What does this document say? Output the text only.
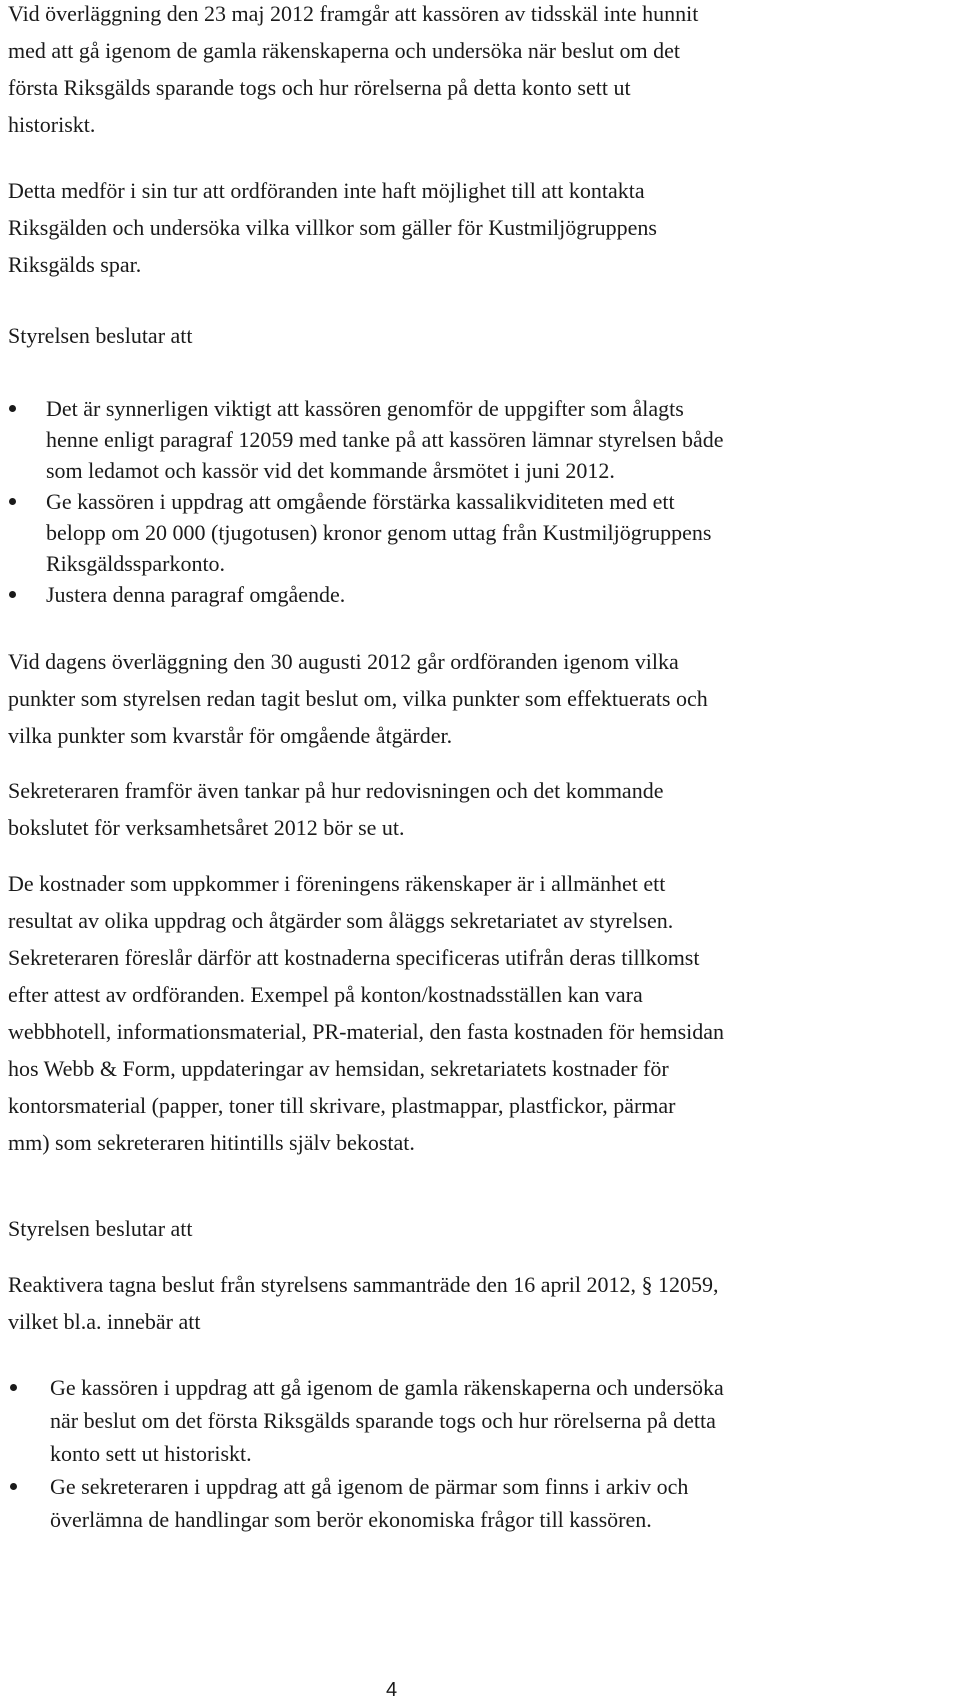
Vid överläggning den 23 maj 2012 framgår att kassören av tidsskäl inte hunnit
med att gå igenom de gamla räkenskaperna och undersöka när beslut om det
första Riksgälds sparande togs och hur rörelserna på detta konto sett ut
historiskt.

Detta medför i sin tur att ordföranden inte haft möjlighet till att kontakta
Riksgälden och undersöka vilka villkor som gäller för Kustmiljögruppens
Riksgälds spar.

Styrelsen beslutar att

Det är synnerligen viktigt att kassören genomför de uppgifter som ålagts
henne enligt paragraf 12059 med tanke på att kassören lämnar styrelsen både
som ledamot och kassör vid det kommande årsmötet i juni 2012.
Ge kassören i uppdrag att omgående förstärka kassalikviditeten med ett
belopp om 20 000 (tjugotusen) kronor genom uttag från Kustmiljögruppens
Riksgäldssparkonto.
Justera denna paragraf omgående.

Vid dagens överläggning den 30 augusti 2012 går ordföranden igenom vilka
punkter som styrelsen redan tagit beslut om, vilka punkter som effektuerats och
vilka punkter som kvarstår för omgående åtgärder.

Sekreteraren framför även tankar på hur redovisningen och det kommande
bokslutet för verksamhetsåret 2012 bör se ut.

De kostnader som uppkommer i föreningens räkenskaper är i allmänhet ett
resultat av olika uppdrag och åtgärder som åläggs sekretariatet av styrelsen.
Sekreteraren föreslår därför att kostnaderna specificeras utifrån deras tillkomst
efter attest av ordföranden. Exempel på konton/kostnadsställen kan vara
webbhotell, informationsmaterial, PR-material, den fasta kostnaden för hemsidan
hos Webb & Form, uppdateringar av hemsidan, sekretariatets kostnader för
kontorsmaterial (papper, toner till skrivare, plastmappar, plastfickor, pärmar
mm) som sekreteraren hitintills själv bekostat.

Styrelsen beslutar att

Reaktivera tagna beslut från styrelsens sammanträde den 16 april 2012, § 12059,
vilket bl.a. innebär att

Ge kassören i uppdrag att gå igenom de gamla räkenskaperna och undersöka
när beslut om det första Riksgälds sparande togs och hur rörelserna på detta
konto sett ut historiskt.
Ge sekreteraren i uppdrag att gå igenom de pärmar som finns i arkiv och
överlämna de handlingar som berör ekonomiska frågor till kassören.
4
